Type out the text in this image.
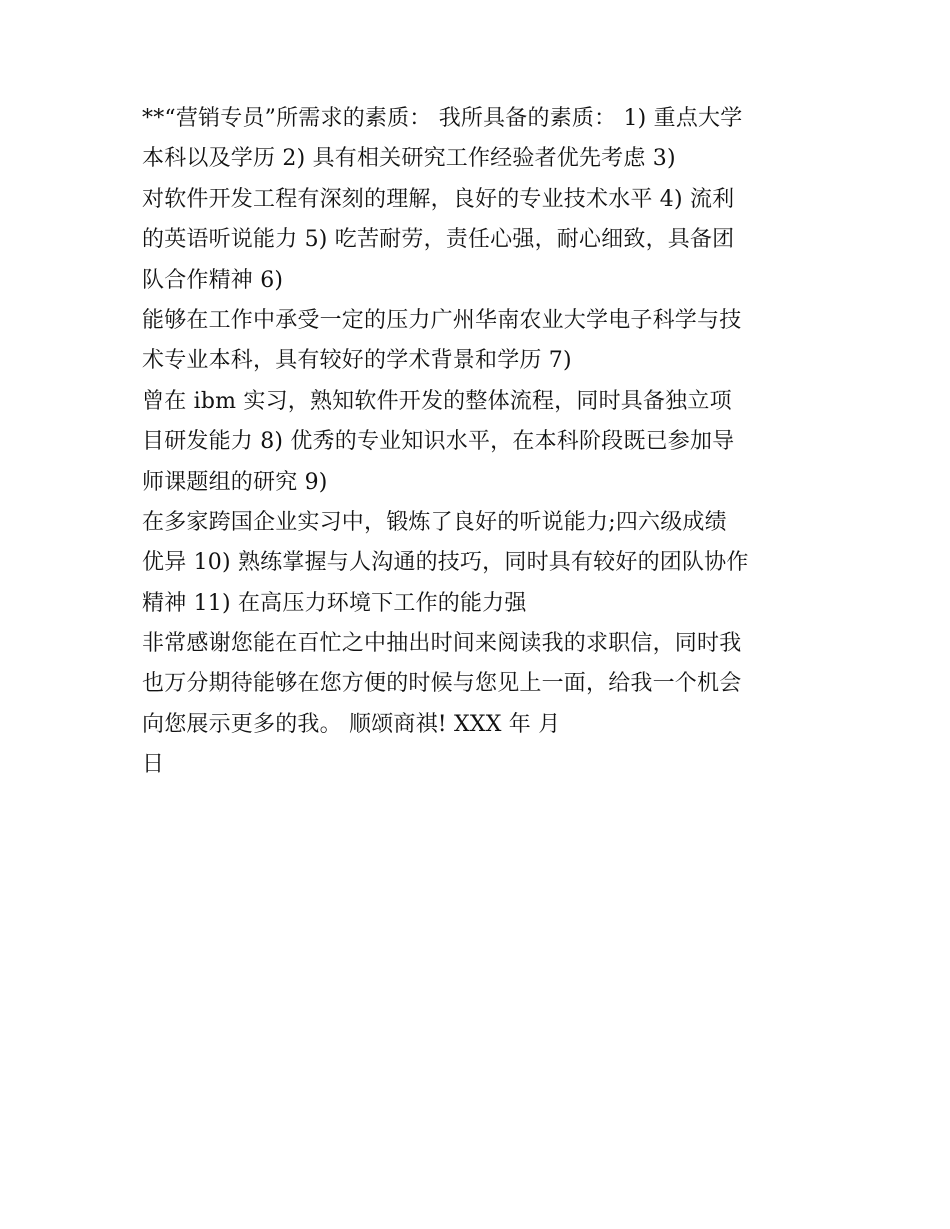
**“营销专员”所需求的素质： 我所具备的素质： 1) 重点大学
本科以及学历 2) 具有相关研究工作经验者优先考虑 3)
对软件开发工程有深刻的理解，良好的专业技术水平 4) 流利
的英语听说能力 5) 吃苦耐劳，责任心强，耐心细致，具备团
队合作精神 6)
能够在工作中承受一定的压力广州华南农业大学电子科学与技
术专业本科，具有较好的学术背景和学历 7)
曾在 ibm 实习，熟知软件开发的整体流程，同时具备独立项
目研发能力 8) 优秀的专业知识水平，在本科阶段既已参加导
师课题组的研究 9)
在多家跨国企业实习中，锻炼了良好的听说能力;四六级成绩
优异 10) 熟练掌握与人沟通的技巧，同时具有较好的团队协作
精神 11) 在高压力环境下工作的能力强
非常感谢您能在百忙之中抽出时间来阅读我的求职信，同时我
也万分期待能够在您方便的时候与您见上一面，给我一个机会
向您展示更多的我。 顺颂商祺! XXX 年 月
日
